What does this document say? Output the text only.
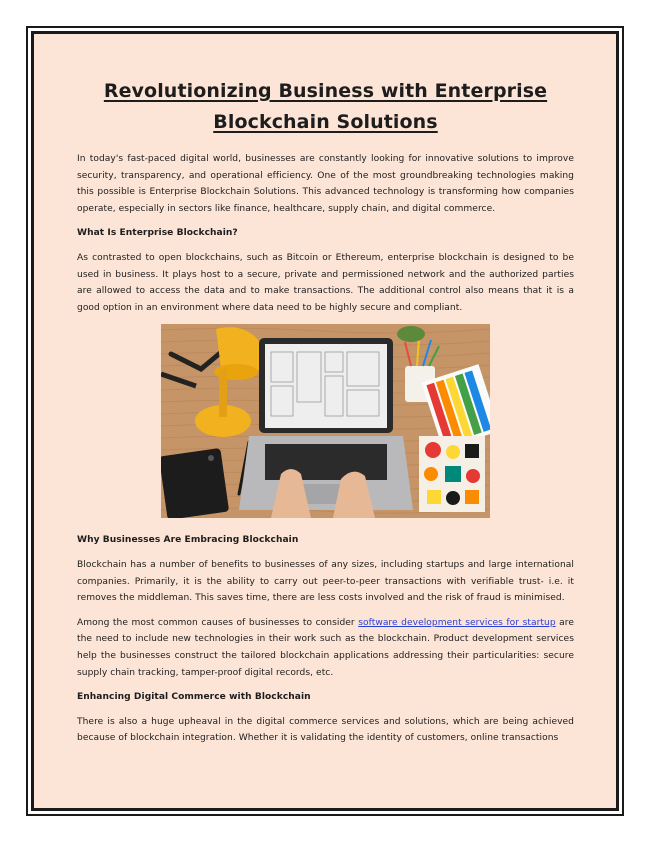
Revolutionizing Business with Enterprise Blockchain Solutions

In today's fast-paced digital world, businesses are constantly looking for innovative solutions to improve security, transparency, and operational efficiency. One of the most groundbreaking technologies making this possible is Enterprise Blockchain Solutions. This advanced technology is transforming how companies operate, especially in sectors like finance, healthcare, supply chain, and digital commerce.

What Is Enterprise Blockchain?

As contrasted to open blockchains, such as Bitcoin or Ethereum, enterprise blockchain is designed to be used in business. It plays host to a secure, private and permissioned network and the authorized parties are allowed to access the data and to make transactions. The additional control also means that it is a good option in an environment where data need to be highly secure and compliant.

Why Businesses Are Embracing Blockchain

Blockchain has a number of benefits to businesses of any sizes, including startups and large international companies. Primarily, it is the ability to carry out peer-to-peer transactions with verifiable trust- i.e. it removes the middleman. This saves time, there are less costs involved and the risk of fraud is minimised.

Among the most common causes of businesses to consider software development services for startup are the need to include new technologies in their work such as the blockchain. Product development services help the businesses construct the tailored blockchain applications addressing their particularities: secure supply chain tracking, tamper-proof digital records, etc.

Enhancing Digital Commerce with Blockchain

There is also a huge upheaval in the digital commerce services and solutions, which are being achieved because of blockchain integration. Whether it is validating the identity of customers, online transactions
